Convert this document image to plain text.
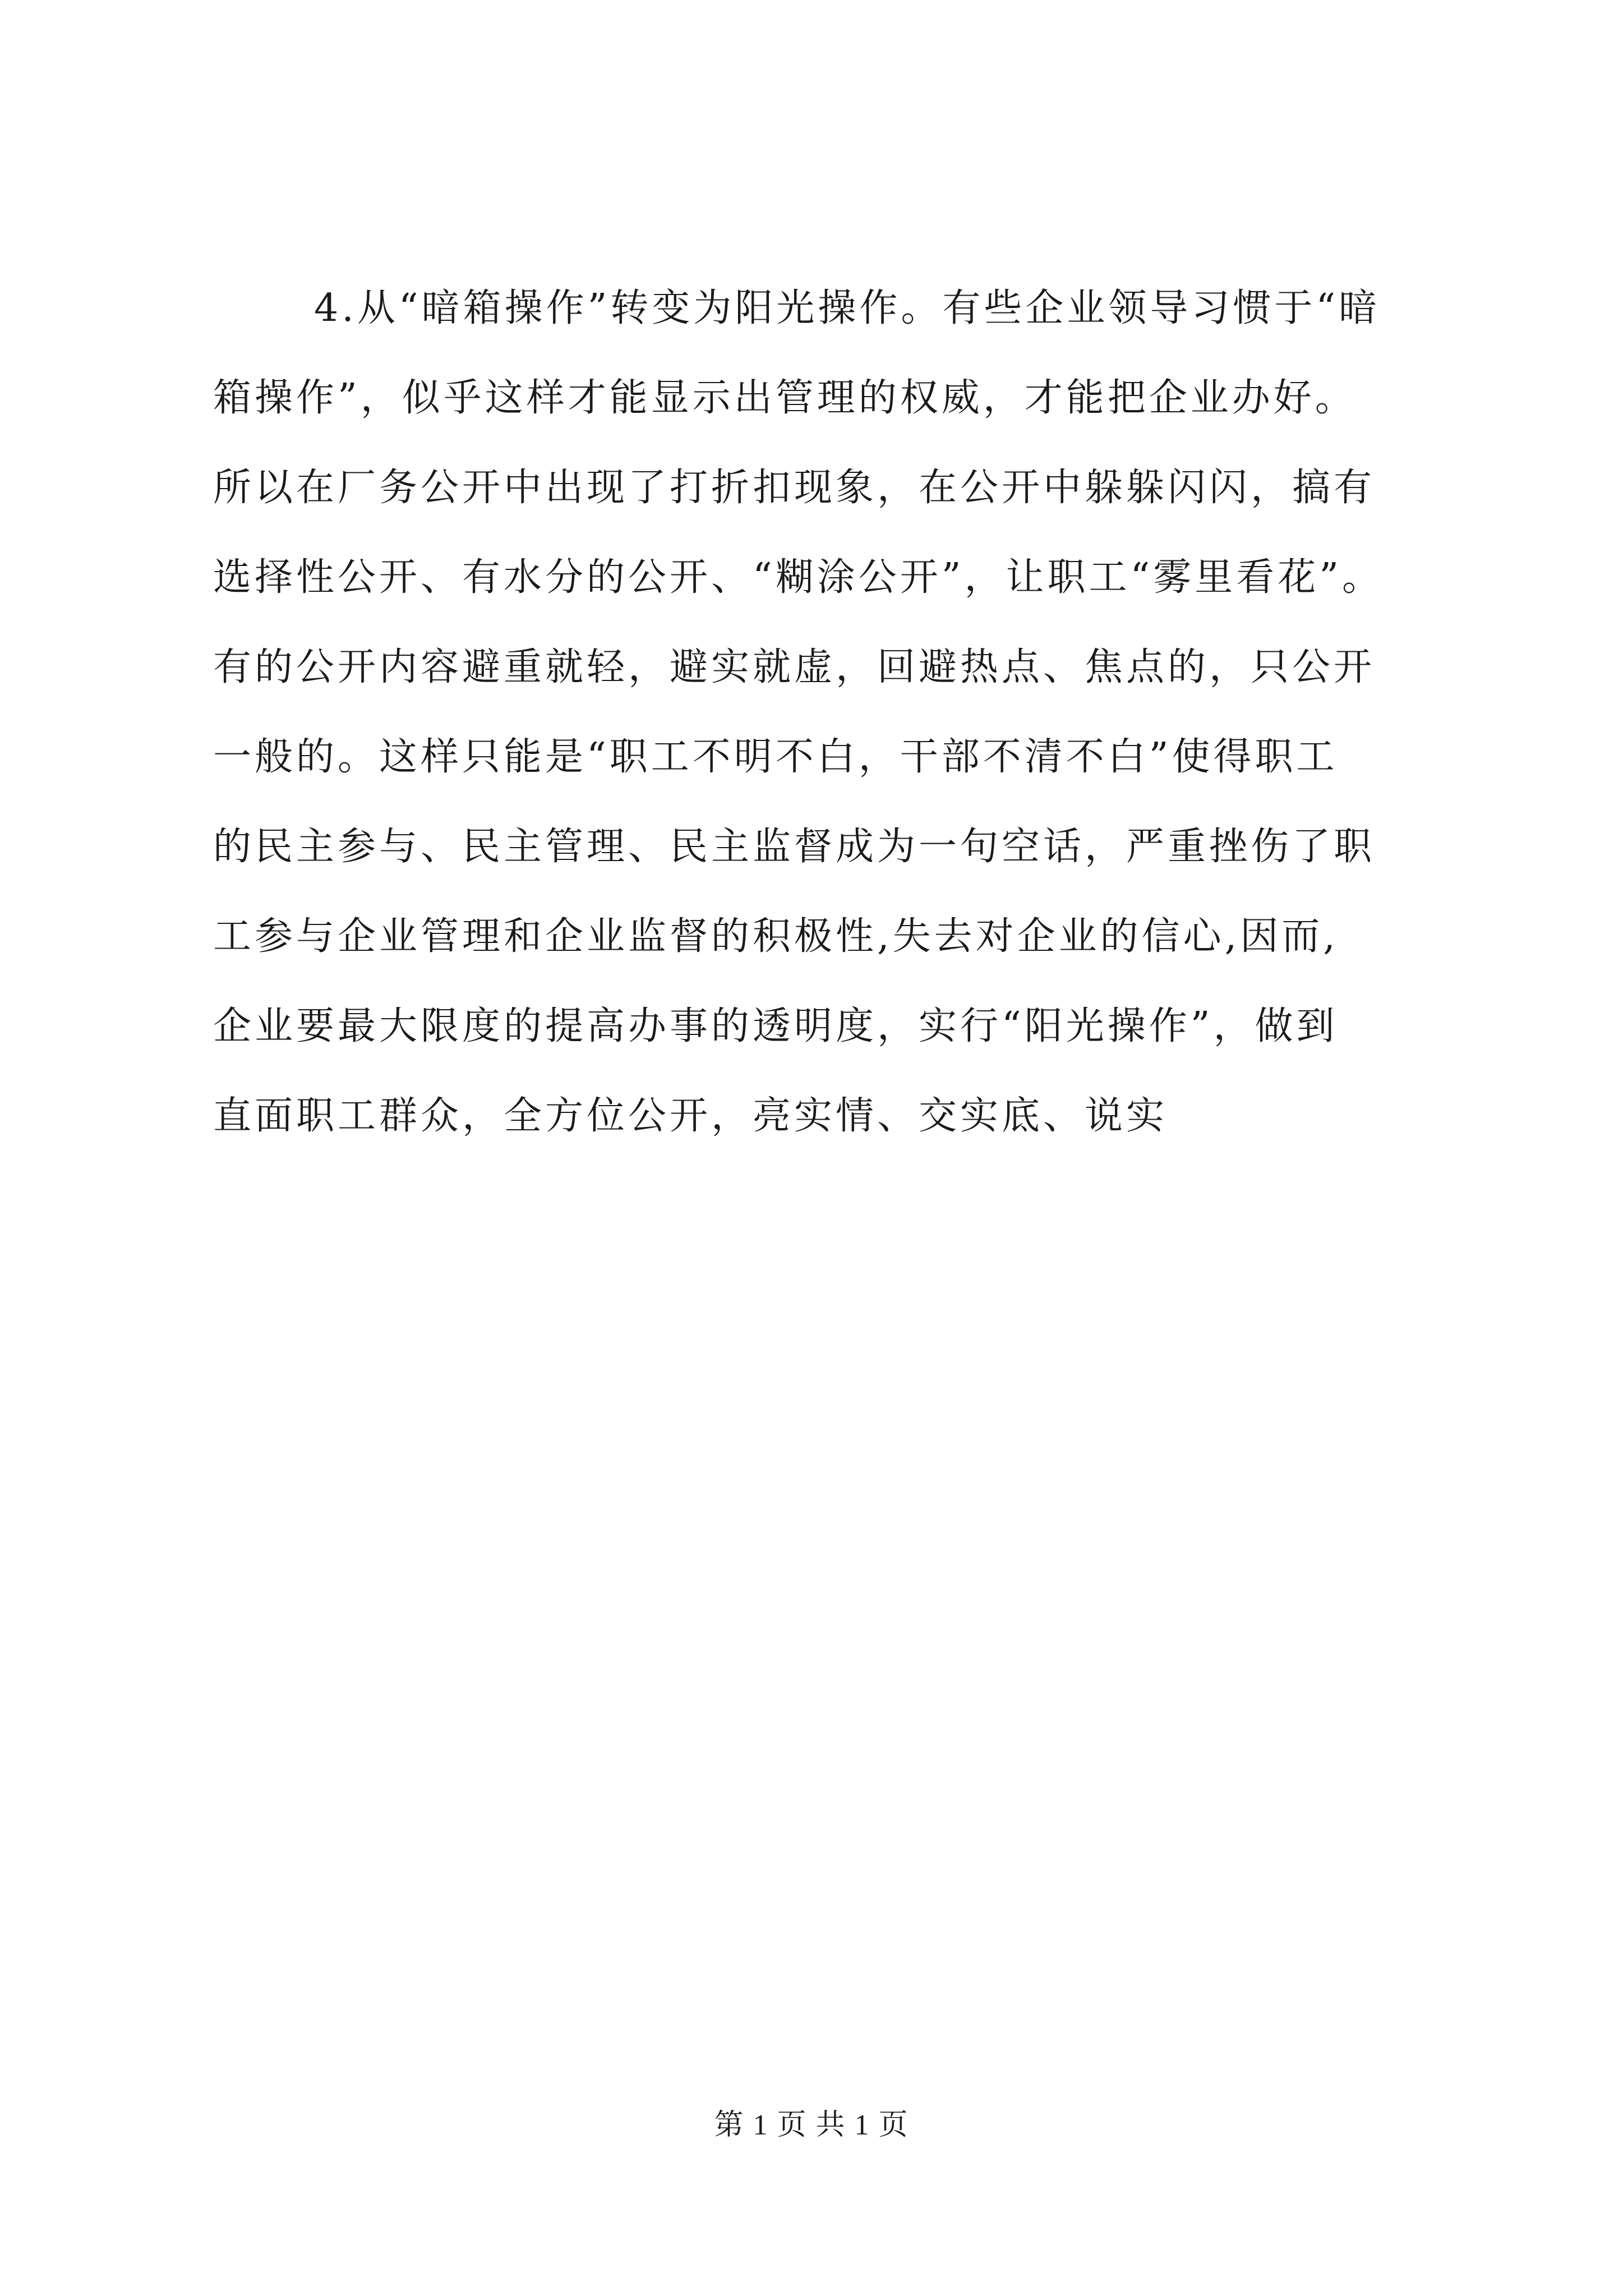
4.从“暗箱操作”转变为阳光操作。有些企业领导习惯于“暗
箱操作”，似乎这样才能显示出管理的权威，才能把企业办好。
所以在厂务公开中出现了打折扣现象，在公开中躲躲闪闪，搞有
选择性公开、有水分的公开、“糊涂公开”，让职工“雾里看花”。
有的公开内容避重就轻，避实就虚，回避热点、焦点的，只公开
一般的。这样只能是“职工不明不白，干部不清不白”使得职工
的民主参与、民主管理、民主监督成为一句空话，严重挫伤了职
工参与企业管理和企业监督的积极性,失去对企业的信心,因而,
企业要最大限度的提高办事的透明度，实行“阳光操作”，做到
直面职工群众，全方位公开，亮实情、交实底、说实
第 1 页 共 1 页
